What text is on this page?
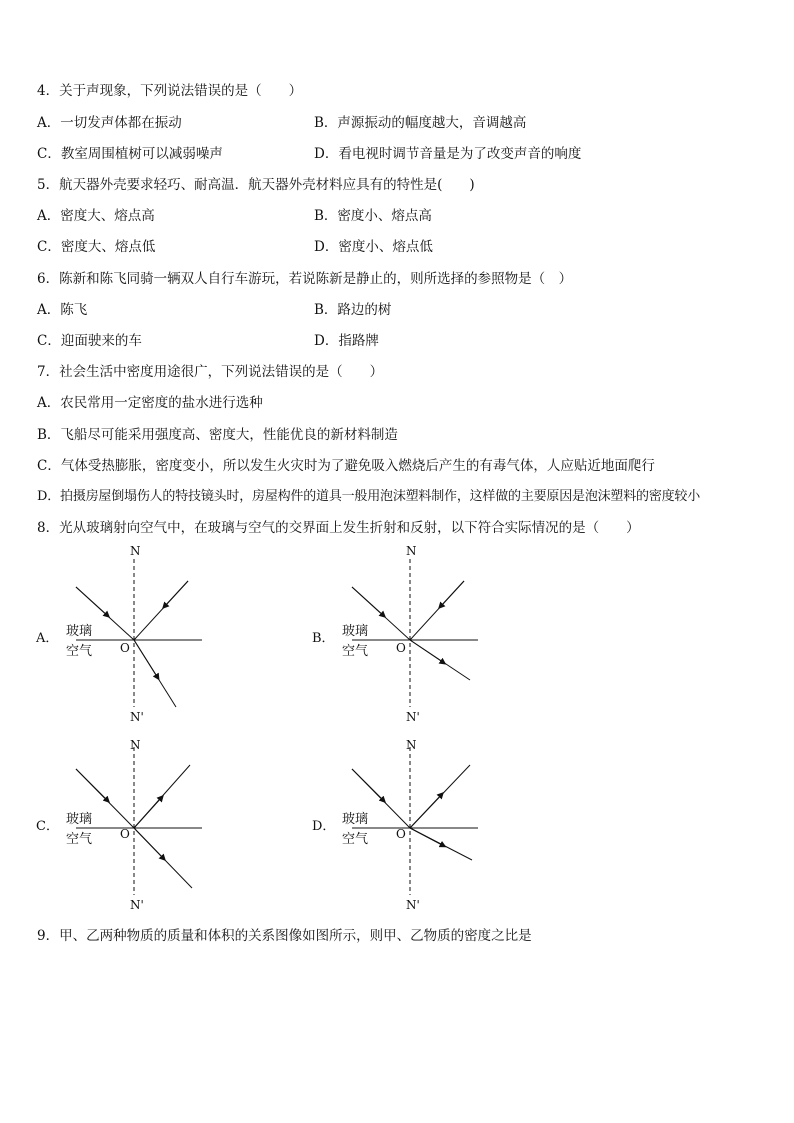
4．关于声现象，下列说法错误的是（　　）
A．一切发声体都在振动	B．声源振动的幅度越大，音调越高
C．教室周围植树可以减弱噪声	D．看电视时调节音量是为了改变声音的响度
5．航天器外壳要求轻巧、耐高温．航天器外壳材料应具有的特性是(　　)
A．密度大、熔点高	B．密度小、熔点高
C．密度大、熔点低	D．密度小、熔点低
6．陈新和陈飞同骑一辆双人自行车游玩，若说陈新是静止的，则所选择的参照物是（　）
A．陈飞	B．路边的树
C．迎面驶来的车	D．指路牌
7．社会生活中密度用途很广，下列说法错误的是（　　）
A．农民常用一定密度的盐水进行选种
B．飞船尽可能采用强度高、密度大，性能优良的新材料制造
C．气体受热膨胀，密度变小，所以发生火灾时为了避免吸入燃烧后产生的有毒气体，人应贴近地面爬行
D．拍摄房屋倒塌伤人的特技镜头时，房屋构件的道具一般用泡沫塑料制作，这样做的主要原因是泡沫塑料的密度较小
8．光从玻璃射向空气中，在玻璃与空气的交界面上发生折射和反射，以下符合实际情况的是（　　）
N
N'
O
A． 玻璃
空气
N
N'
O
B． 玻璃
空气
N
N'
O
C． 玻璃
空气
N
N'
O
D． 玻璃
空气
9．甲、乙两种物质的质量和体积的关系图像如图所示，则甲、乙物质的密度之比是
